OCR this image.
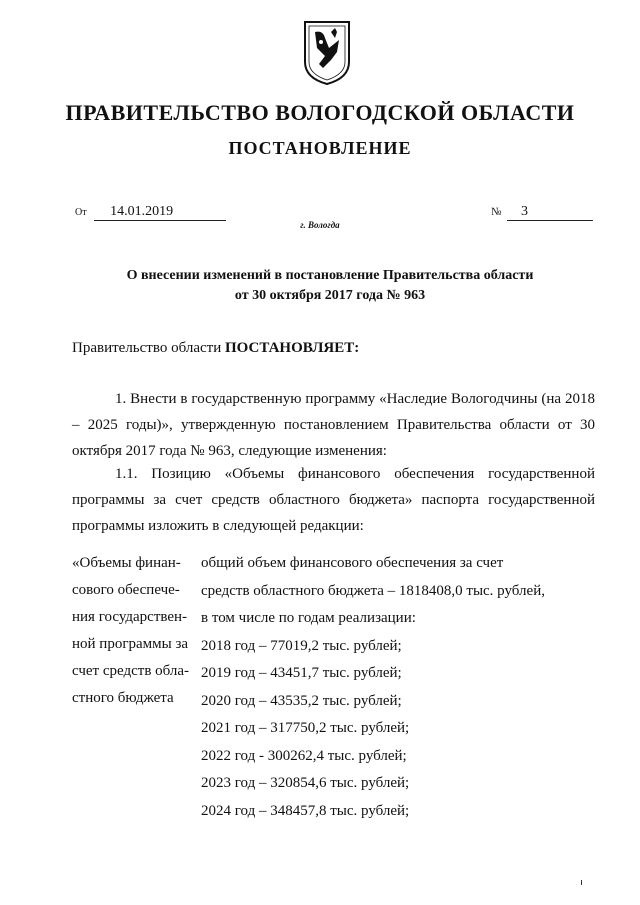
ПРАВИТЕЛЬСТВО ВОЛОГОДСКОЙ ОБЛАСТИ
ПОСТАНОВЛЕНИЕ
От 14.01.2019	№ 3
г. Вологда
О внесении изменений в постановление Правительства области
от 30 октября 2017 года № 963
Правительство области ПОСТАНОВЛЯЕТ:
1. Внести в государственную программу «Наследие Вологодчины (на 2018 – 2025 годы)», утвержденную постановлением Правительства области от 30 октября 2017 года № 963, следующие изменения:
1.1. Позицию «Объемы финансового обеспечения государственной программы за счет средств областного бюджета» паспорта государственной программы изложить в следующей редакции:
«Объемы финан-
сового обеспече-
ния государствен-
ной программы за
счет средств обла-
стного бюджета
общий объем финансового обеспечения за счет
средств областного бюджета – 1818408,0 тыс. рублей,
в том числе по годам реализации:
2018 год – 77019,2 тыс. рублей;
2019 год – 43451,7 тыс. рублей;
2020 год – 43535,2 тыс. рублей;
2021 год – 317750,2 тыс. рублей;
2022 год - 300262,4 тыс. рублей;
2023 год – 320854,6 тыс. рублей;
2024 год – 348457,8 тыс. рублей;
